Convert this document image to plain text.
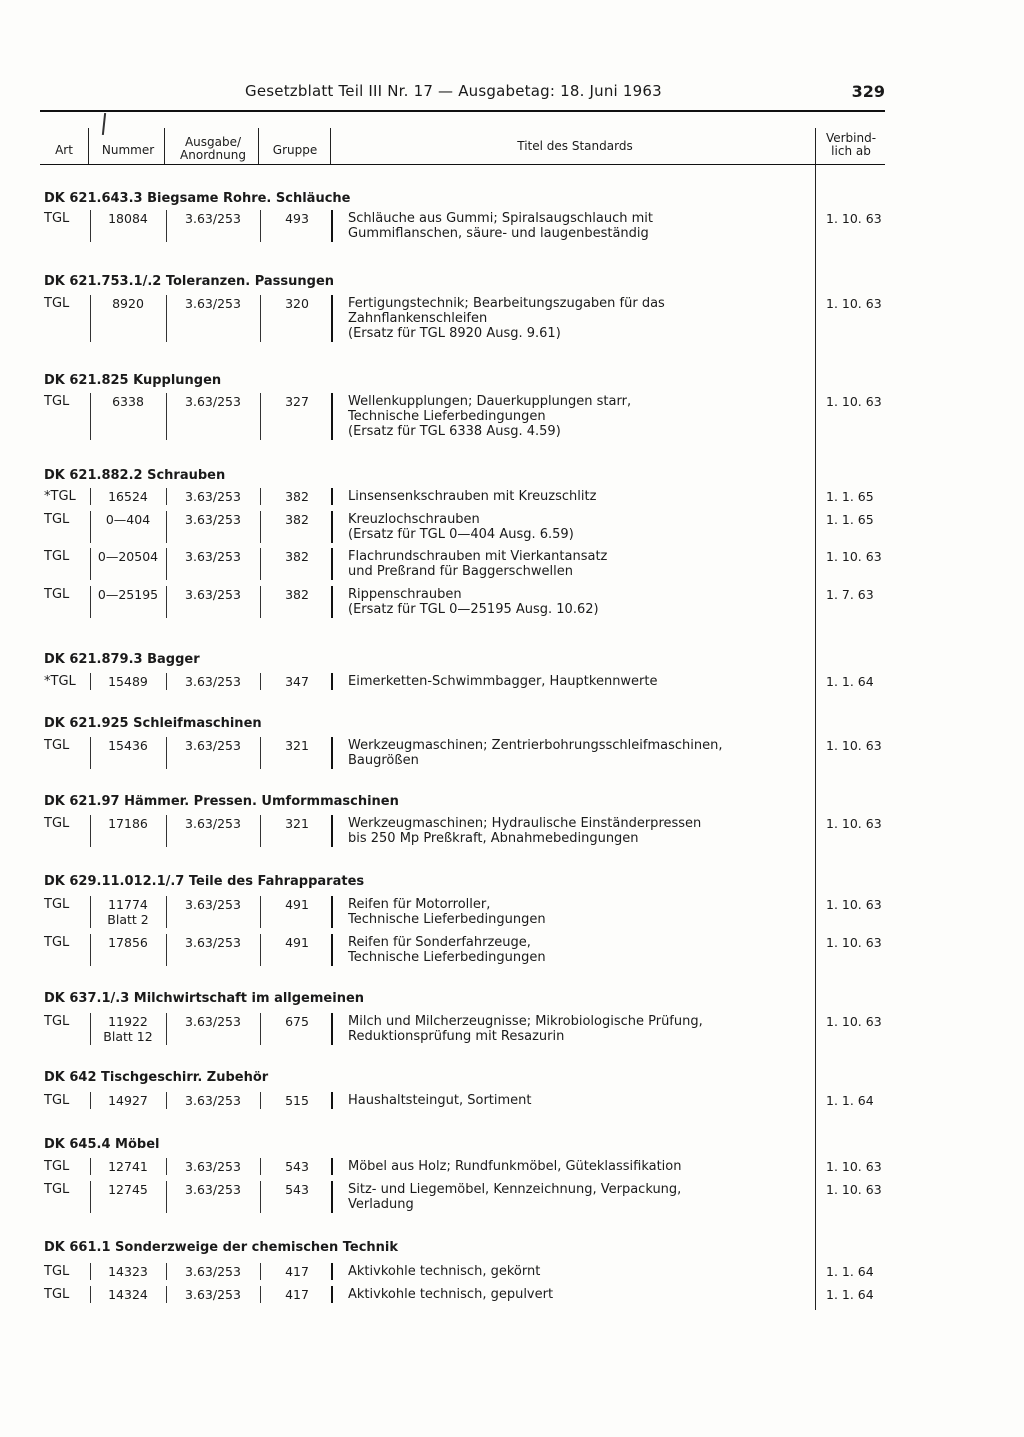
Gesetzblatt Teil III Nr. 17 — Ausgabetag: 18. Juni 1963	329
Art	Nummer
Ausgabe/
Anordnung	Gruppe	Titel des Standards
Verbind-
lich ab
DK 621.643.3 Biegsame Rohre. Schläuche
TGL	18084	3.63/253	493	Schläuche aus Gummi; Spiralsaugschlauch mit
Gummiflanschen, säure- und laugenbeständig
1. 10. 63
DK 621.753.1/.2 Toleranzen. Passungen
TGL	8920	3.63/253	320	Fertigungstechnik; Bearbeitungszugaben für das
Zahnflankenschleifen
(Ersatz für TGL 8920 Ausg. 9.61)
1. 10. 63
DK 621.825 Kupplungen
TGL	6338	3.63/253	327	Wellenkupplungen; Dauerkupplungen starr,
Technische Lieferbedingungen
(Ersatz für TGL 6338 Ausg. 4.59)
1. 10. 63
DK 621.882.2 Schrauben
*TGL	16524	3.63/253	382	Linsensenkschrauben mit Kreuzschlitz	1. 1. 65
TGL	0—404	3.63/253	382	Kreuzlochschrauben
(Ersatz für TGL 0—404 Ausg. 6.59)
1. 1. 65
TGL	0—20504	3.63/253	382	Flachrundschrauben mit Vierkantansatz
und Preßrand für Baggerschwellen
1. 10. 63
TGL	0—25195	3.63/253	382	Rippenschrauben
(Ersatz für TGL 0—25195 Ausg. 10.62)
1. 7. 63
DK 621.879.3 Bagger
*TGL	15489	3.63/253	347	Eimerketten-Schwimmbagger, Hauptkennwerte	1. 1. 64
DK 621.925 Schleifmaschinen
TGL	15436	3.63/253	321	Werkzeugmaschinen; Zentrierbohrungsschleifmaschinen,
Baugrößen
1. 10. 63
DK 621.97 Hämmer. Pressen. Umformmaschinen
TGL	17186	3.63/253	321	Werkzeugmaschinen; Hydraulische Einständerpressen
bis 250 Mp Preßkraft, Abnahmebedingungen
1. 10. 63
DK 629.11.012.1/.7 Teile des Fahrapparates
TGL	11774
Blatt 2
3.63/253	491	Reifen für Motorroller,
Technische Lieferbedingungen
1. 10. 63
TGL	17856	3.63/253	491	Reifen für Sonderfahrzeuge,
Technische Lieferbedingungen
1. 10. 63
DK 637.1/.3 Milchwirtschaft im allgemeinen
TGL	11922
Blatt 12
3.63/253	675	Milch und Milcherzeugnisse; Mikrobiologische Prüfung,
Reduktionsprüfung mit Resazurin
1. 10. 63
DK 642 Tischgeschirr. Zubehör
TGL	14927	3.63/253	515	Haushaltsteingut, Sortiment	1. 1. 64
DK 645.4 Möbel
TGL	12741	3.63/253	543	Möbel aus Holz; Rundfunkmöbel, Güteklassifikation	1. 10. 63
TGL	12745	3.63/253	543	Sitz- und Liegemöbel, Kennzeichnung, Verpackung,
Verladung
1. 10. 63
DK 661.1 Sonderzweige der chemischen Technik
TGL	14323	3.63/253	417	Aktivkohle technisch, gekörnt	1. 1. 64
TGL	14324	3.63/253	417	Aktivkohle technisch, gepulvert	1. 1. 64
